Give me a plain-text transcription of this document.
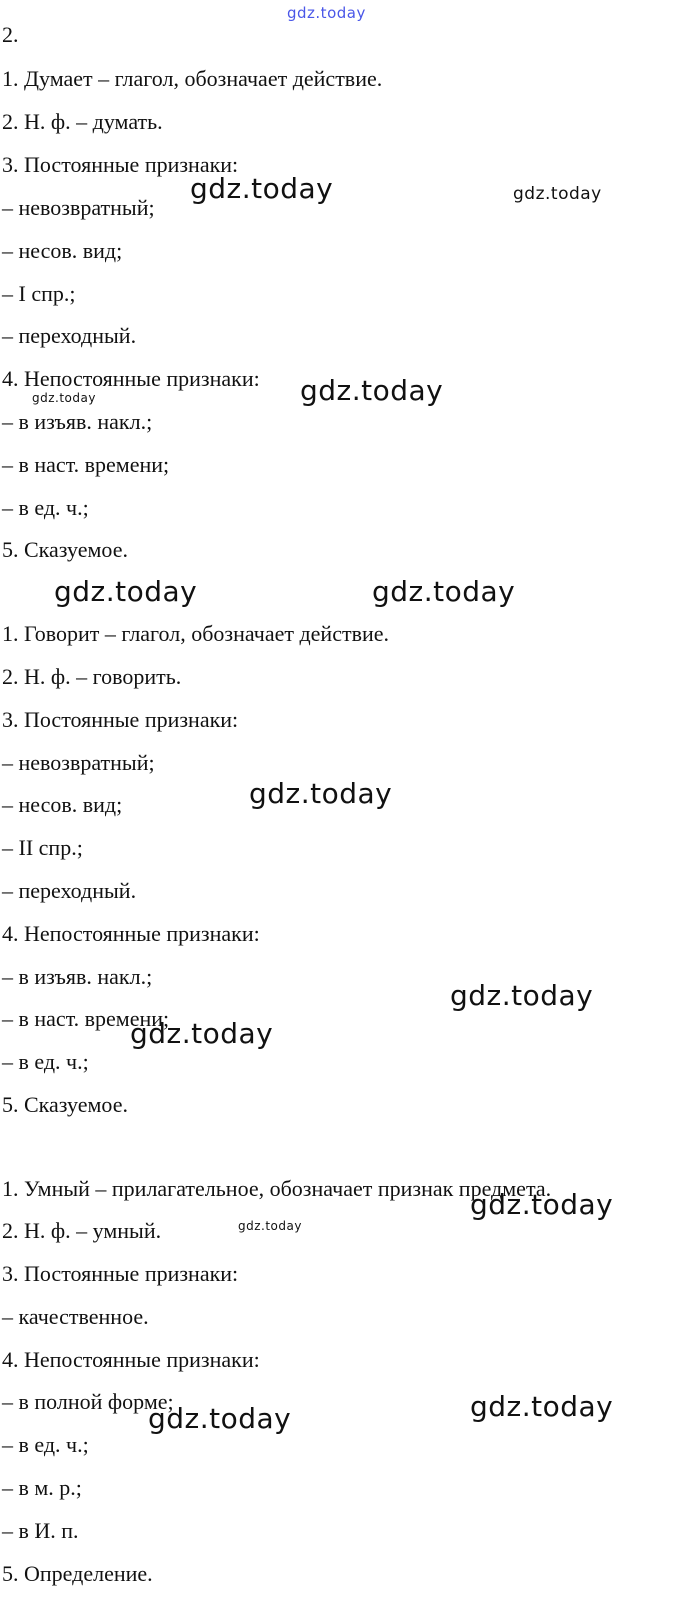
2.
1. Думает – глагол, обозначает действие.
2. Н. ф. – думать.
3. Постоянные признаки:
– невозвратный;
– несов. вид;
– I спр.;
– переходный.
4. Непостоянные признаки:
– в изъяв. накл.;
– в наст. времени;
– в ед. ч.;
5. Сказуемое.
1. Говорит – глагол, обозначает действие.
2. Н. ф. – говорить.
3. Постоянные признаки:
– невозвратный;
– несов. вид;
– II спр.;
– переходный.
4. Непостоянные признаки:
– в изъяв. накл.;
– в наст. времени;
– в ед. ч.;
5. Сказуемое.
1. Умный – прилагательное, обозначает признак предмета.
2. Н. ф. – умный.
3. Постоянные признаки:
– качественное.
4. Непостоянные признаки:
– в полной форме;
– в ед. ч.;
– в м. р.;
– в И. п.
5. Определение.
gdz.today
gdz.today	gdz.today
gdz.today
gdz.today
gdz.today	gdz.today
gdz.today
gdz.today
gdz.today
gdz.today
gdz.today
gdz.today
gdz.today
